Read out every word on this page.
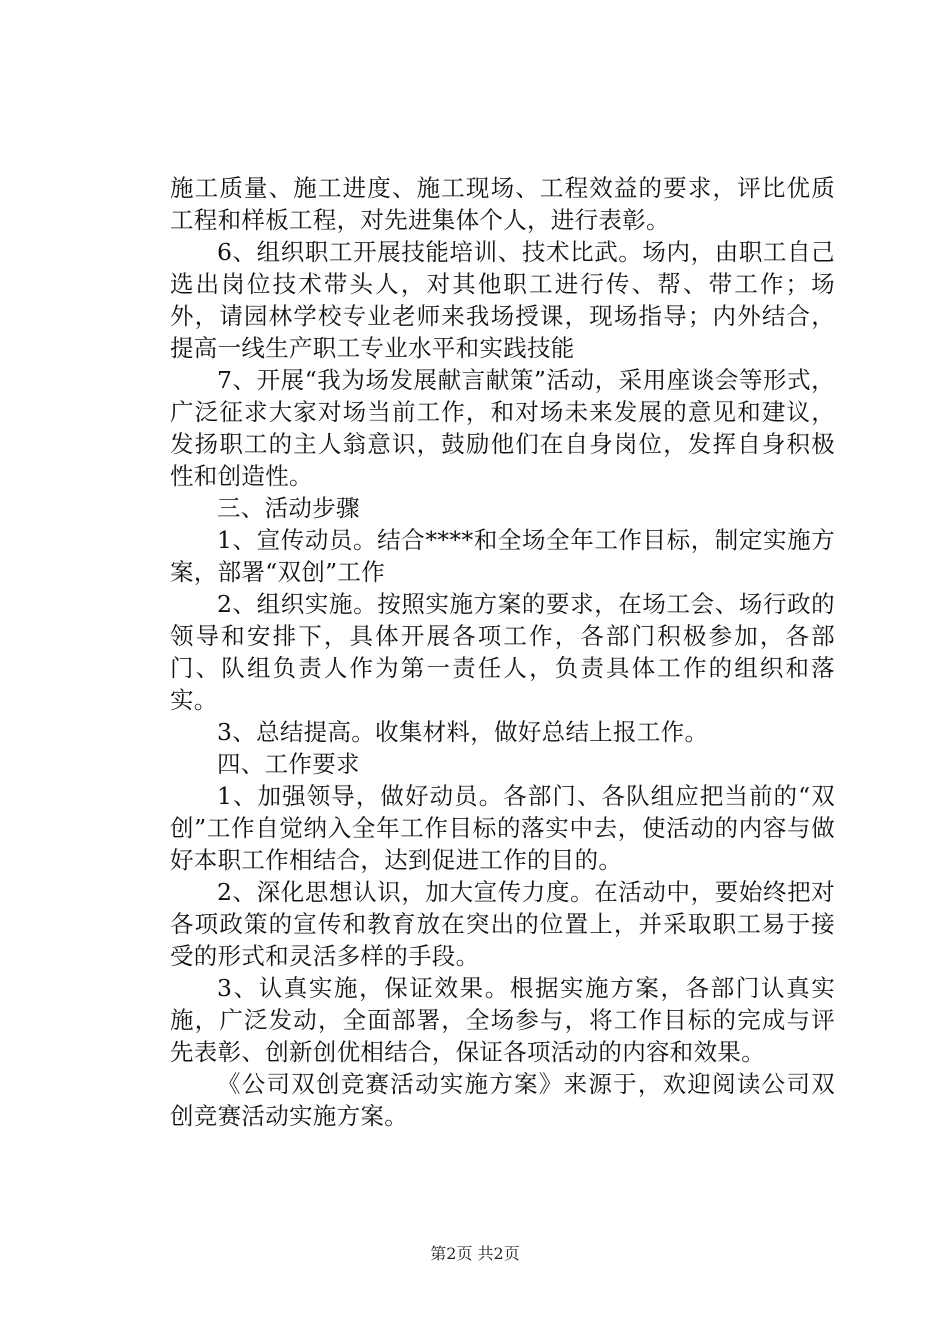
施工质量、施工进度、施工现场、工程效益的要求，评比优质工程和样板工程，对先进集体个人，进行表彰。

6、组织职工开展技能培训、技术比武。场内，由职工自己选出岗位技术带头人，对其他职工进行传、帮、带工作；场外，请园林学校专业老师来我场授课，现场指导；内外结合，提高一线生产职工专业水平和实践技能

7、开展“我为场发展献言献策”活动，采用座谈会等形式，广泛征求大家对场当前工作，和对场未来发展的意见和建议，发扬职工的主人翁意识，鼓励他们在自身岗位，发挥自身积极性和创造性。

三、活动步骤

1、宣传动员。结合****和全场全年工作目标，制定实施方案，部署“双创”工作

2、组织实施。按照实施方案的要求，在场工会、场行政的领导和安排下，具体开展各项工作，各部门积极参加，各部门、队组负责人作为第一责任人，负责具体工作的组织和落实。

3、总结提高。收集材料，做好总结上报工作。

四、工作要求

1、加强领导，做好动员。各部门、各队组应把当前的“双创”工作自觉纳入全年工作目标的落实中去，使活动的内容与做好本职工作相结合，达到促进工作的目的。

2、深化思想认识，加大宣传力度。在活动中，要始终把对各项政策的宣传和教育放在突出的位置上，并采取职工易于接受的形式和灵活多样的手段。

3、认真实施，保证效果。根据实施方案，各部门认真实施，广泛发动，全面部署，全场参与，将工作目标的完成与评先表彰、创新创优相结合，保证各项活动的内容和效果。

《公司双创竞赛活动实施方案》来源于，欢迎阅读公司双创竞赛活动实施方案。

第2页 共2页
